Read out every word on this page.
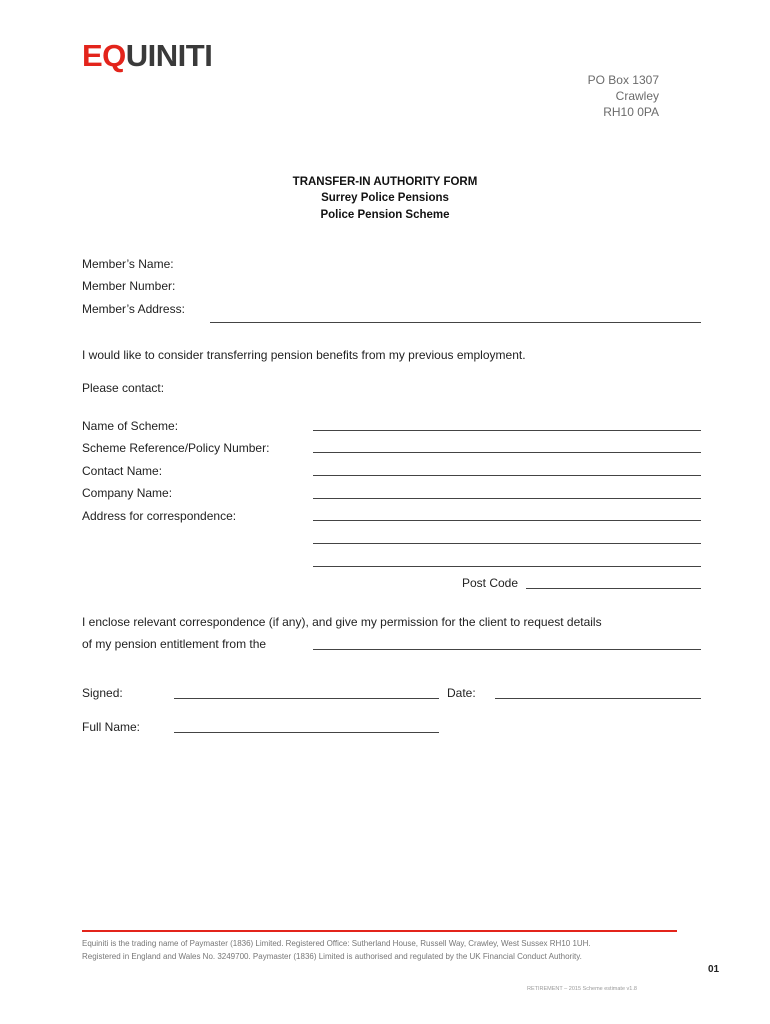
EQUINITI
PO Box 1307
Crawley
RH10 0PA
TRANSFER-IN AUTHORITY FORM
Surrey Police Pensions
Police Pension Scheme
Member’s Name:
Member Number:
Member’s Address:
I would like to consider transferring pension benefits from my previous employment.
Please contact:
Name of Scheme:
Scheme Reference/Policy Number:
Contact Name:
Company Name:
Address for correspondence:
Post Code
I enclose relevant correspondence (if any), and give my permission for the client to request details
of my pension entitlement from the
Signed:	Date:
Full Name:
Equiniti is the trading name of Paymaster (1836) Limited. Registered Office: Sutherland House, Russell Way, Crawley, West Sussex RH10 1UH.
Registered in England and Wales No. 3249700. Paymaster (1836) Limited is authorised and regulated by the UK Financial Conduct Authority.
01
RETIREMENT – 2015 Scheme estimate v1.8
